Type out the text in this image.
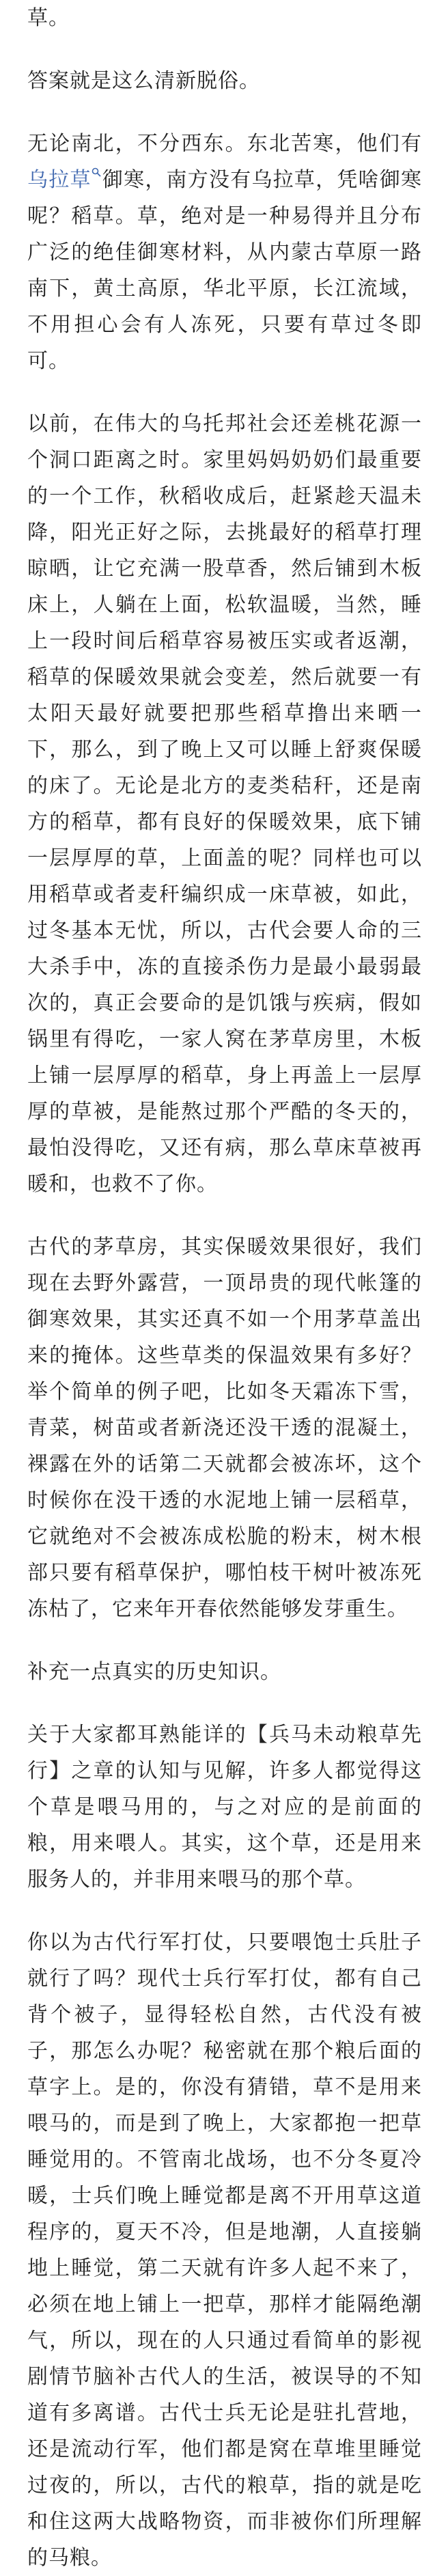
草。

答案就是这么清新脱俗。

无论南北，不分西东。东北苦寒，他们有乌拉草 御寒，南方没有乌拉草，凭啥御寒呢？稻草。草，绝对是一种易得并且分布广泛的绝佳御寒材料，从内蒙古草原一路南下，黄土高原，华北平原，长江流域，不用担心会有人冻死，只要有草过冬即可。

以前，在伟大的乌托邦社会还差桃花源一个洞口距离之时。家里妈妈奶奶们最重要的一个工作，秋稻收成后，赶紧趁天温未降，阳光正好之际，去挑最好的稻草打理晾晒，让它充满一股草香，然后铺到木板床上，人躺在上面，松软温暖，当然，睡上一段时间后稻草容易被压实或者返潮，稻草的保暖效果就会变差，然后就要一有太阳天最好就要把那些稻草撸出来晒一下，那么，到了晚上又可以睡上舒爽保暖的床了。无论是北方的麦类秸秆，还是南方的稻草，都有良好的保暖效果，底下铺一层厚厚的草，上面盖的呢？同样也可以用稻草或者麦秆编织成一床草被，如此，过冬基本无忧，所以，古代会要人命的三大杀手中，冻的直接杀伤力是最小最弱最次的，真正会要命的是饥饿与疾病，假如锅里有得吃，一家人窝在茅草房里，木板上铺一层厚厚的稻草，身上再盖上一层厚厚的草被，是能熬过那个严酷的冬天的，最怕没得吃，又还有病，那么草床草被再暖和，也救不了你。

古代的茅草房，其实保暖效果很好，我们现在去野外露营，一顶昂贵的现代帐篷的御寒效果，其实还真不如一个用茅草盖出来的掩体。这些草类的保温效果有多好？举个简单的例子吧，比如冬天霜冻下雪，青菜，树苗或者新浇还没干透的混凝土，裸露在外的话第二天就都会被冻坏，这个时候你在没干透的水泥地上铺一层稻草，它就绝对不会被冻成松脆的粉末，树木根部只要有稻草保护，哪怕枝干树叶被冻死冻枯了，它来年开春依然能够发芽重生。

补充一点真实的历史知识。

关于大家都耳熟能详的【兵马未动粮草先行】之章的认知与见解，许多人都觉得这个草是喂马用的，与之对应的是前面的粮，用来喂人。其实，这个草，还是用来服务人的，并非用来喂马的那个草。

你以为古代行军打仗，只要喂饱士兵肚子就行了吗？现代士兵行军打仗，都有自己背个被子，显得轻松自然，古代没有被子，那怎么办呢？秘密就在那个粮后面的草字上。是的，你没有猜错，草不是用来喂马的，而是到了晚上，大家都抱一把草睡觉用的。不管南北战场，也不分冬夏冷暖，士兵们晚上睡觉都是离不开用草这道程序的，夏天不冷，但是地潮，人直接躺地上睡觉，第二天就有许多人起不来了，必须在地上铺上一把草，那样才能隔绝潮气，所以，现在的人只通过看简单的影视剧情节脑补古代人的生活，被误导的不知道有多离谱。古代士兵无论是驻扎营地，还是流动行军，他们都是窝在草堆里睡觉过夜的，所以，古代的粮草，指的就是吃和住这两大战略物资，而非被你们所理解的马粮。
